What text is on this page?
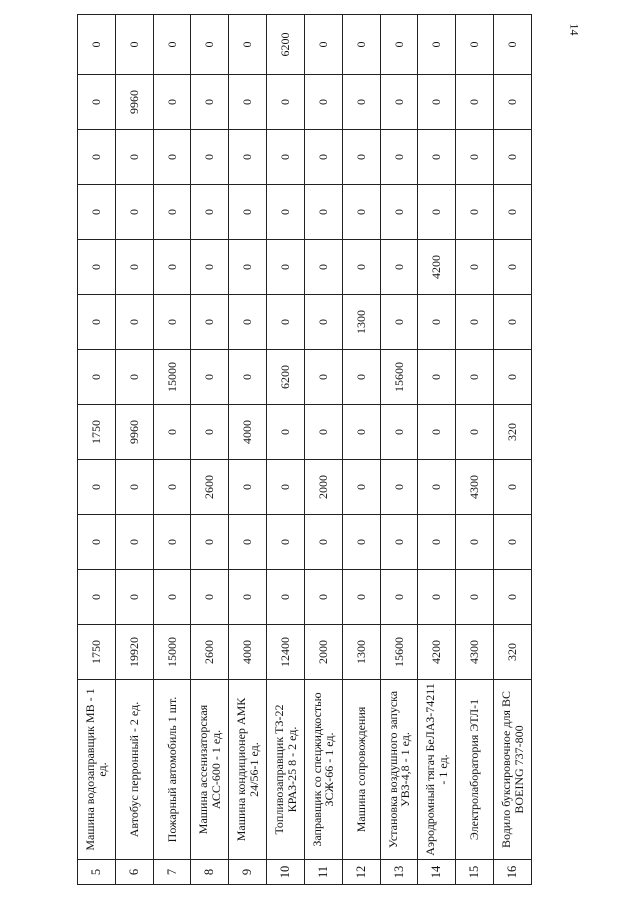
14
5	Машина водозаправщик МВ - 1 ед.	1750	0	0	0	1750	0	0	0	0	0	0	0
6	Автобус перронный - 2 ед.	19920	0	0	0	9960	0	0	0	0	0	9960	0
7	Пожарный автомобиль 1 шт.	15000	0	0	0	0	15000	0	0	0	0	0	0
8	Машина ассенизаторская АСС-600 - 1 ед.	2600	0	0	2600	0	0	0	0	0	0	0	0
9	Машина кондиционер АМК 24/56-1 ед.	4000	0	0	0	4000	0	0	0	0	0	0	0
10	Топливозаправщик ТЗ-22 КРАЗ-25 8 - 2 ед.	12400	0	0	0	0	6200	0	0	0	0	0	6200
11	Заправщик со спецжидкостью ЗСЖ-66 - 1 ед.	2000	0	0	2000	0	0	0	0	0	0	0	0
12	Машина сопровождения	1300	0	0	0	0	0	1300	0	0	0	0	0
13	Установка воздушного запуска УВЗ-4,8 - 1 ед.	15600	0	0	0	0	15600	0	0	0	0	0	0
14	Аэродромный тягач БеЛАЗ-74211 - 1 ед.	4200	0	0	0	0	0	0	4200	0	0	0	0
15	Электролаборатория ЭТЛ-1	4300	0	0	4300	0	0	0	0	0	0	0	0
16	Водило буксировочное для ВС BOEING 737-800	320	0	0	0	320	0	0	0	0	0	0	0
